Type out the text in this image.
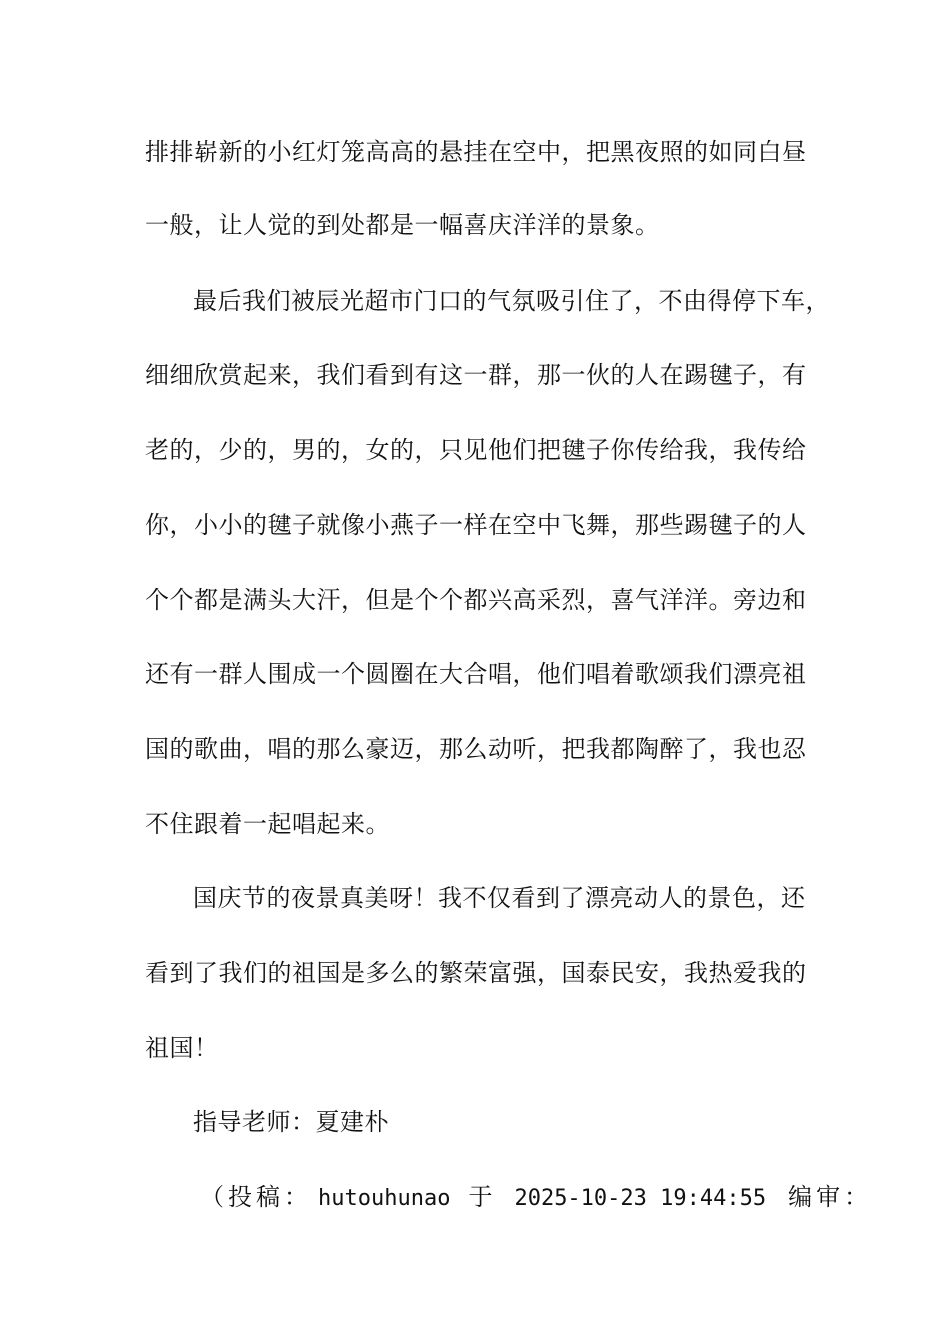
排排崭新的小红灯笼高高的悬挂在空中，把黑夜照的如同白昼
一般，让人觉的到处都是一幅喜庆洋洋的景象。
最后我们被辰光超市门口的气氛吸引住了，不由得停下车，
细细欣赏起来，我们看到有这一群，那一伙的人在踢毽子，有
老的，少的，男的，女的，只见他们把毽子你传给我，我传给
你，小小的毽子就像小燕子一样在空中飞舞，那些踢毽子的人
个个都是满头大汗，但是个个都兴高采烈，喜气洋洋。旁边和
还有一群人围成一个圆圈在大合唱，他们唱着歌颂我们漂亮祖
国的歌曲，唱的那么豪迈，那么动听，把我都陶醉了，我也忍
不住跟着一起唱起来。
国庆节的夜景真美呀！我不仅看到了漂亮动人的景色，还
看到了我们的祖国是多么的繁荣富强，国泰民安，我热爱我的
祖国！
指导老师：夏建朴
（投稿： hutouhunao 于 2025-10-23 19:44:55 编审：
